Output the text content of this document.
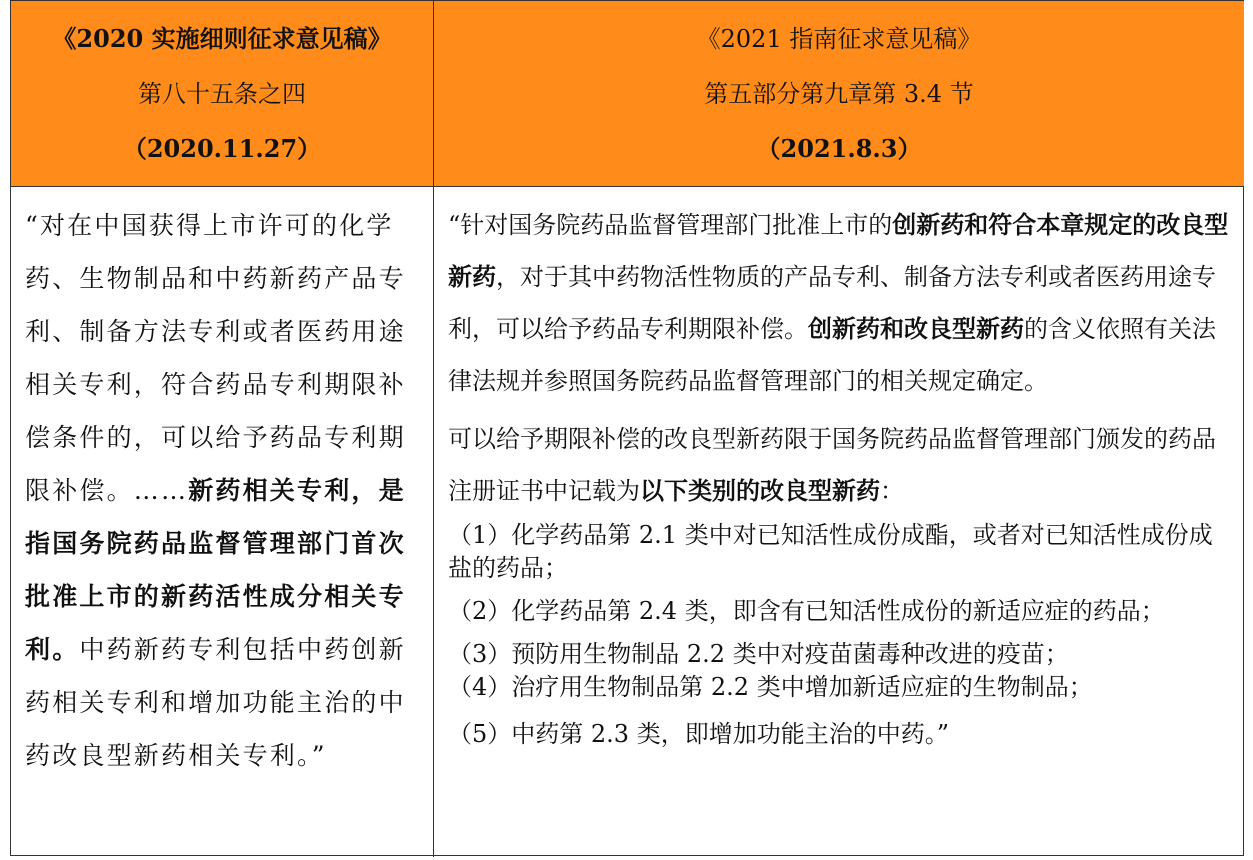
《2020 实施细则征求意见稿》
第八十五条之四
（2020.11.27）
《2021 指南征求意见稿》
第五部分第九章第 3.4 节
（2021.8.3）
“对在中国获得上市许可的化学药、生物制品和中药新药产品专利、制备方法专利或者医药用途相关专利，符合药品专利期限补偿条件的，可以给予药品专利期限补偿。……新药相关专利，是指国务院药品监督管理部门首次批准上市的新药活性成分相关专利。中药新药专利包括中药创新药相关专利和增加功能主治的中药改良型新药相关专利。”
“针对国务院药品监督管理部门批准上市的创新药和符合本章规定的改良型新药，对于其中药物活性物质的产品专利、制备方法专利或者医药用途专利，可以给予药品专利期限补偿。创新药和改良型新药的含义依照有关法律法规并参照国务院药品监督管理部门的相关规定确定。
可以给予期限补偿的改良型新药限于国务院药品监督管理部门颁发的药品注册证书中记载为以下类别的改良型新药：
（1）化学药品第 2.1 类中对已知活性成份成酯，或者对已知活性成份成盐的药品；
（2）化学药品第 2.4 类，即含有已知活性成份的新适应症的药品；
（3）预防用生物制品 2.2 类中对疫苗菌毒种改进的疫苗；
（4）治疗用生物制品第 2.2 类中增加新适应症的生物制品；
（5）中药第 2.3 类，即增加功能主治的中药。”
